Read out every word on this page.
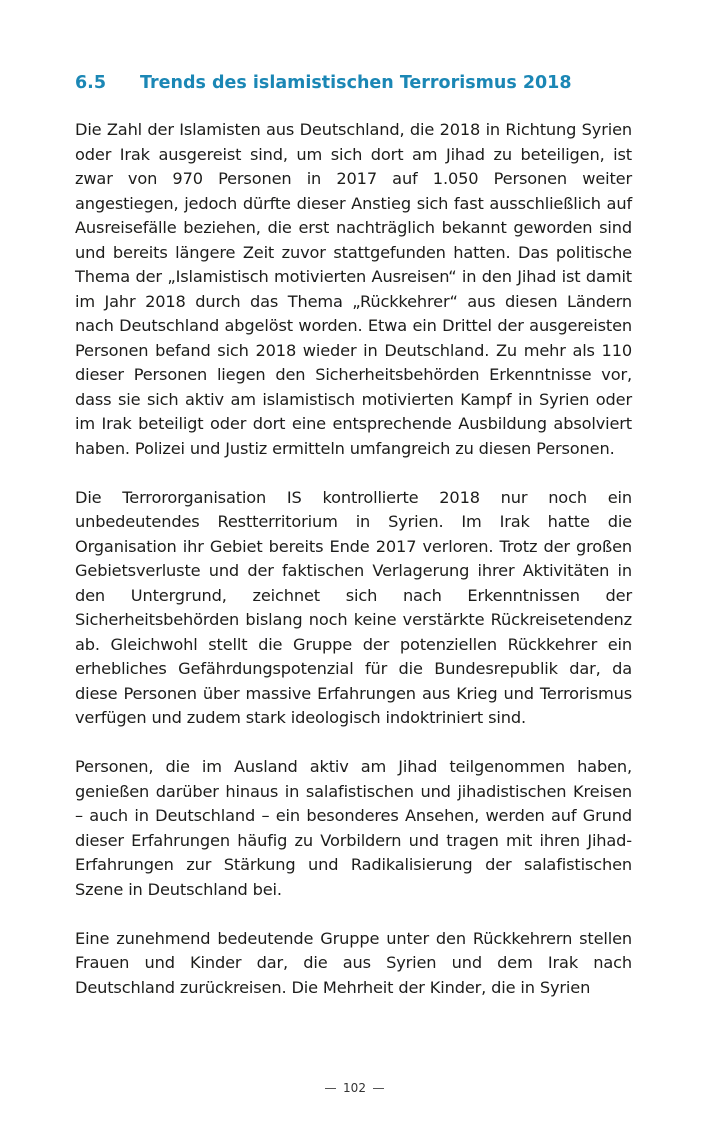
6.5	Trends des islamistischen Terrorismus 2018

Die Zahl der Islamisten aus Deutschland, die 2018 in Richtung Syrien oder Irak ausgereist sind, um sich dort am Jihad zu beteiligen, ist zwar von 970 Personen in 2017 auf 1.050 Personen weiter angestiegen, jedoch dürfte dieser Anstieg sich fast ausschließlich auf Ausreisefälle beziehen, die erst nachträglich bekannt geworden sind und bereits längere Zeit zuvor stattgefunden hatten. Das politische Thema der „Islamistisch motivierten Ausreisen“ in den Jihad ist damit im Jahr 2018 durch das Thema „Rückkehrer“ aus diesen Ländern nach Deutschland abgelöst worden. Etwa ein Drittel der ausgereisten Personen befand sich 2018 wieder in Deutschland. Zu mehr als 110 dieser Personen liegen den Sicherheitsbehörden Erkenntnisse vor, dass sie sich aktiv am islamistisch motivierten Kampf in Syrien oder im Irak beteiligt oder dort eine entsprechende Ausbildung absolviert haben. Polizei und Justiz ermitteln umfangreich zu diesen Personen.

Die Terrororganisation IS kontrollierte 2018 nur noch ein unbedeutendes Restterritorium in Syrien. Im Irak hatte die Organisation ihr Gebiet bereits Ende 2017 verloren. Trotz der großen Gebietsverluste und der faktischen Verlagerung ihrer Aktivitäten in den Untergrund, zeichnet sich nach Erkenntnissen der Sicherheitsbehörden bislang noch keine verstärkte Rückreisetendenz ab. Gleichwohl stellt die Gruppe der potenziellen Rückkehrer ein erhebliches Gefährdungspotenzial für die Bundesrepublik dar, da diese Personen über massive Erfahrungen aus Krieg und Terrorismus verfügen und zudem stark ideologisch indoktriniert sind.

Personen, die im Ausland aktiv am Jihad teilgenommen haben, genießen darüber hinaus in salafistischen und jihadistischen Kreisen – auch in Deutschland – ein besonderes Ansehen, werden auf Grund dieser Erfahrungen häufig zu Vorbildern und tragen mit ihren Jihad-Erfahrungen zur Stärkung und Radikalisierung der salafistischen Szene in Deutschland bei.

Eine zunehmend bedeutende Gruppe unter den Rückkehrern stellen Frauen und Kinder dar, die aus Syrien und dem Irak nach Deutschland zurückreisen. Die Mehrheit der Kinder, die in Syrien

102
